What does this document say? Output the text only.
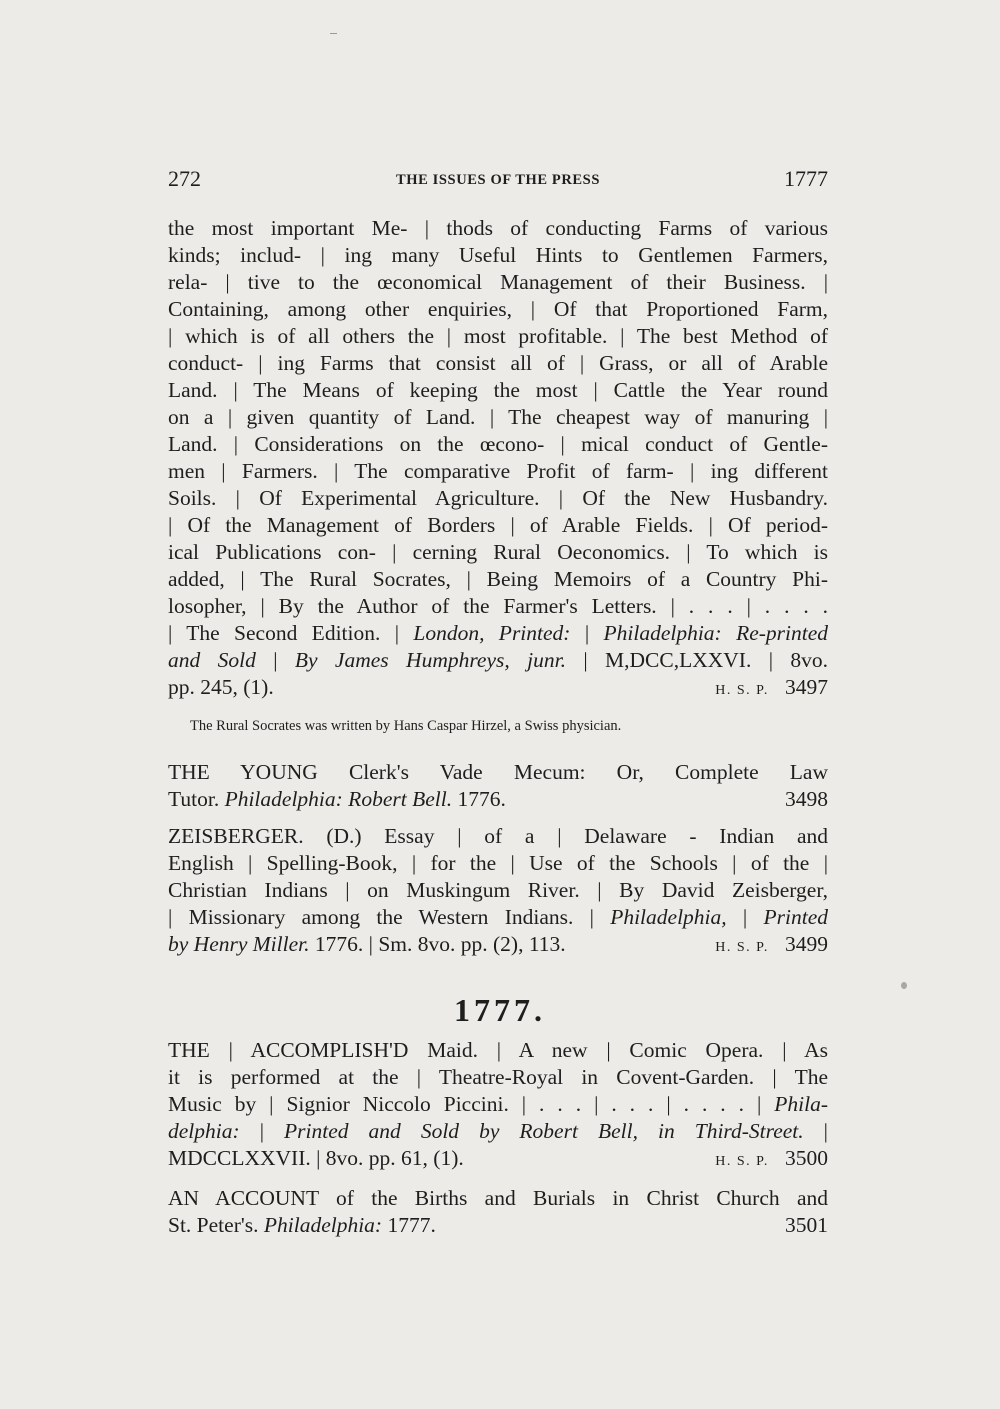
272	THE ISSUES OF THE PRESS	1777
the most important Me- | thods of conducting Farms of various
kinds; includ- | ing many Useful Hints to Gentlemen Farmers,
rela- | tive to the œconomical Management of their Business. |
Containing, among other enquiries, | Of that Proportioned Farm,
| which is of all others the | most profitable. | The best Method of
conduct- | ing Farms that consist all of | Grass, or all of Arable
Land. | The Means of keeping the most | Cattle the Year round
on a | given quantity of Land. | The cheapest way of manuring |
Land. | Considerations on the œcono- | mical conduct of Gentle-
men | Farmers. | The comparative Profit of farm- | ing different
Soils. | Of Experimental Agriculture. | Of the New Husbandry.
| Of the Management of Borders | of Arable Fields. | Of period-
ical Publications con- | cerning Rural Oeconomics. | To which is
added, | The Rural Socrates, | Being Memoirs of a Country Phi-
losopher, | By the Author of the Farmer's Letters. | . . . | . . . .
| The Second Edition. | London, Printed: | Philadelphia: Re-printed
and Sold | By James Humphreys, junr. | M,DCC,LXXVI. | 8vo.
pp. 245, (1).	H. S. P. 3497
The Rural Socrates was written by Hans Caspar Hirzel, a Swiss physician.
THE YOUNG Clerk's Vade Mecum: Or, Complete Law
Tutor. Philadelphia: Robert Bell. 1776.	3498
ZEISBERGER. (D.) Essay | of a | Delaware - Indian and
English | Spelling-Book, | for the | Use of the Schools | of the |
Christian Indians | on Muskingum River. | By David Zeisberger,
| Missionary among the Western Indians. | Philadelphia, | Printed
by Henry Miller. 1776. | Sm. 8vo. pp. (2), 113.	H. S. P. 3499
1777.
THE | ACCOMPLISH'D Maid. | A new | Comic Opera. | As
it is performed at the | Theatre-Royal in Covent-Garden. | The
Music by | Signior Niccolo Piccini. | . . . | . . . | . . . . | Phila-
delphia: | Printed and Sold by Robert Bell, in Third-Street. |
MDCCLXXVII. | 8vo. pp. 61, (1).	H. S. P. 3500
AN ACCOUNT of the Births and Burials in Christ Church and
St. Peter's. Philadelphia: 1777.	3501
